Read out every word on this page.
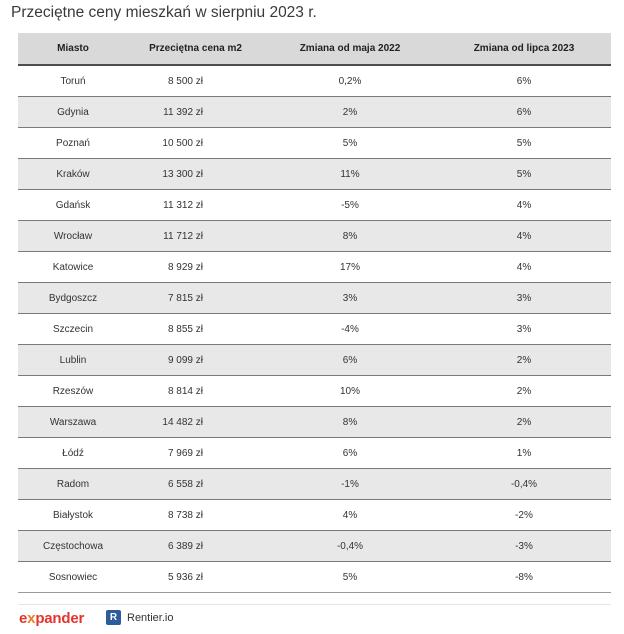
Przeciętne ceny mieszkań w sierpniu 2023 r.
Miasto	Przeciętna cena m2	Zmiana od maja 2022	Zmiana od lipca 2023
Toruń	8 500 zł	0,2%	6%
Gdynia	11 392 zł	2%	6%
Poznań	10 500 zł	5%	5%
Kraków	13 300 zł	11%	5%
Gdańsk	11 312 zł	-5%	4%
Wrocław	11 712 zł	8%	4%
Katowice	8 929 zł	17%	4%
Bydgoszcz	7 815 zł	3%	3%
Szczecin	8 855 zł	-4%	3%
Lublin	9 099 zł	6%	2%
Rzeszów	8 814 zł	10%	2%
Warszawa	14 482 zł	8%	2%
Łódź	7 969 zł	6%	1%
Radom	6 558 zł	-1%	-0,4%
Białystok	8 738 zł	4%	-2%
Częstochowa	6 389 zł	-0,4%	-3%
Sosnowiec	5 936 zł	5%	-8%
expander	R Rentier.io
